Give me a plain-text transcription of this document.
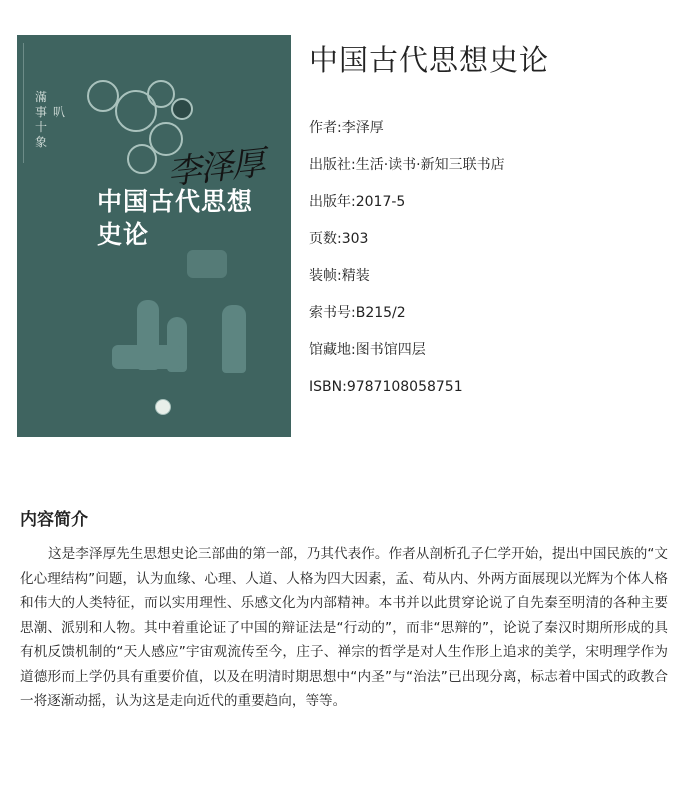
滿事十 象
叭
李泽厚
中国古代思想
史论
中国古代思想史论
作者:李泽厚
出版社:生活·读书·新知三联书店
出版年:2017-5
页数:303
装帧:精装
索书号:B215/2
馆藏地:图书馆四层
ISBN:9787108058751
内容简介

这是李泽厚先生思想史论三部曲的第一部，乃其代表作。作者从剖析孔子仁学开始，提出中国民族的“文化心理结构”问题，认为血缘、心理、人道、人格为四大因素，孟、荀从内、外两方面展现以光辉为个体人格和伟大的人类特征，而以实用理性、乐感文化为内部精神。本书并以此贯穿论说了自先秦至明清的各种主要思潮、派别和人物。其中着重论证了中国的辩证法是“行动的”，而非“思辩的”，论说了秦汉时期所形成的具有机反馈机制的“天人感应”宇宙观流传至今，庄子、禅宗的哲学是对人生作形上追求的美学，宋明理学作为道德形而上学仍具有重要价值，以及在明清时期思想中“内圣”与“治法”已出现分离，标志着中国式的政教合一将逐渐动摇，认为这是走向近代的重要趋向，等等。
